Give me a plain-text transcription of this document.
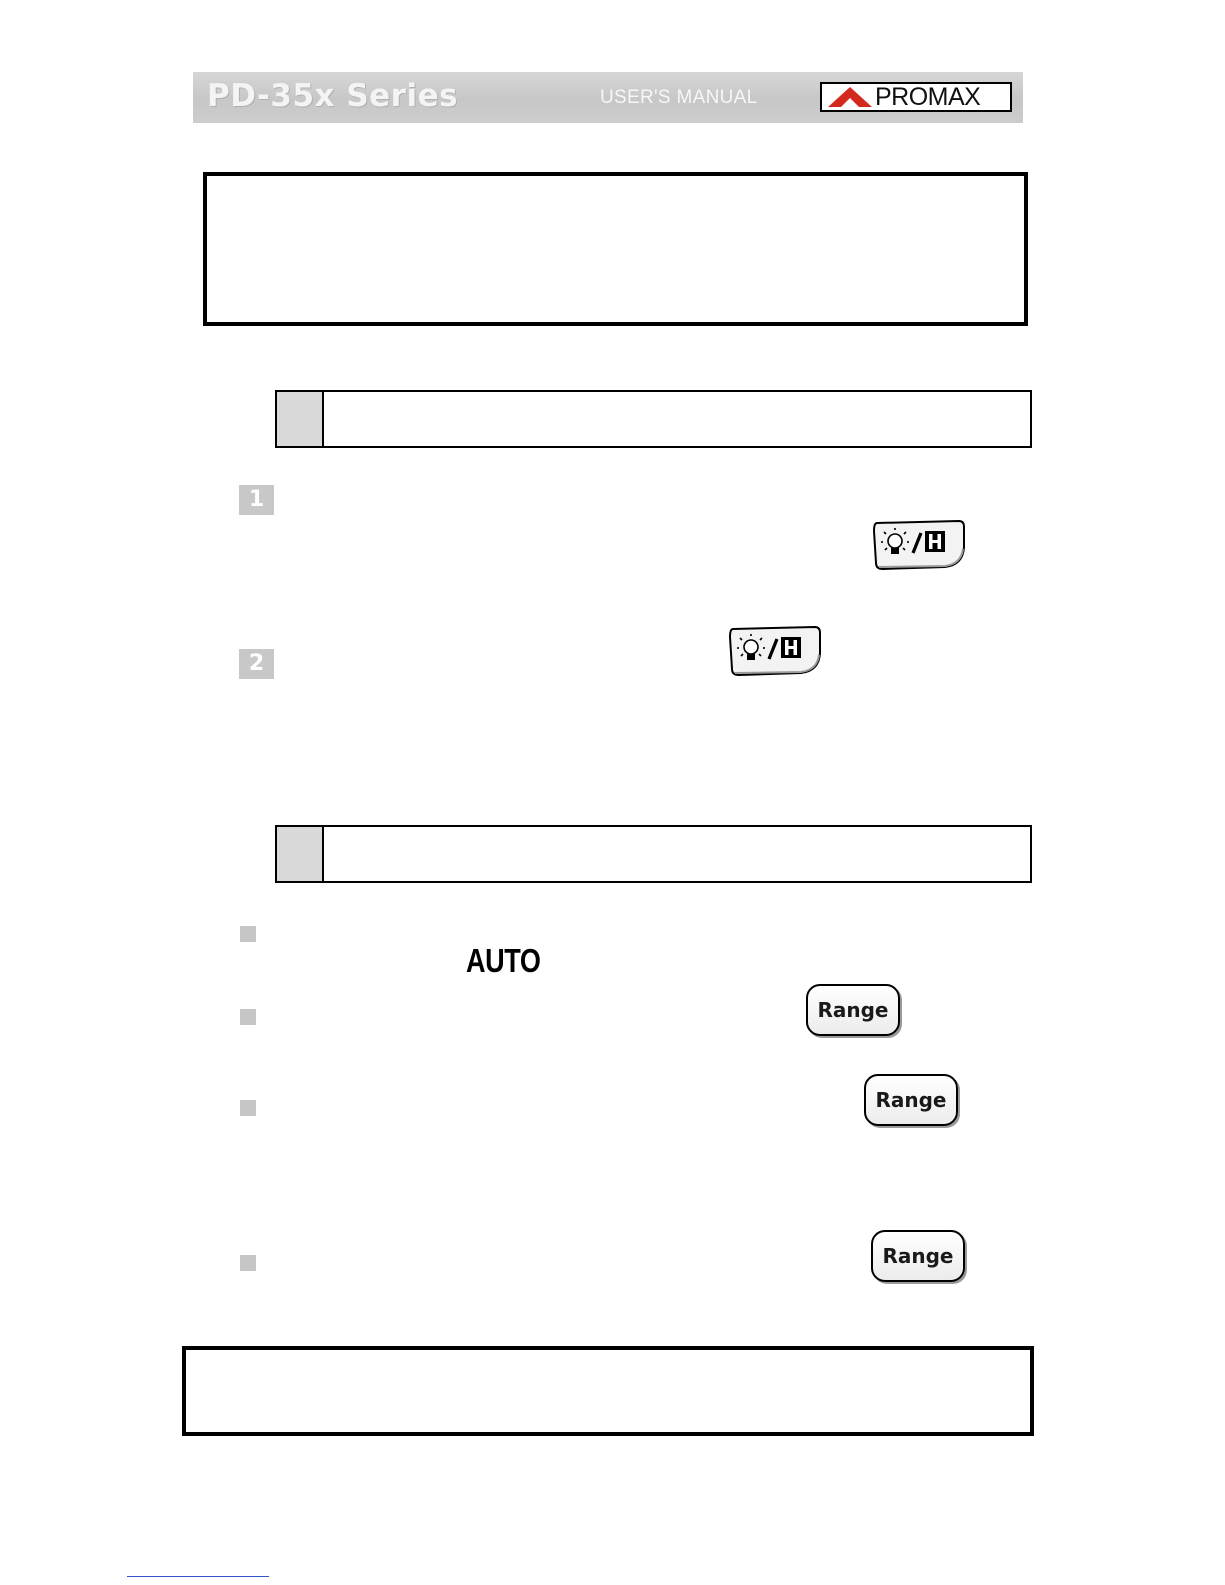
PD-35x Series	USER'S MANUAL	PROMAX
1
2
AUTO
Range
Range
Range
